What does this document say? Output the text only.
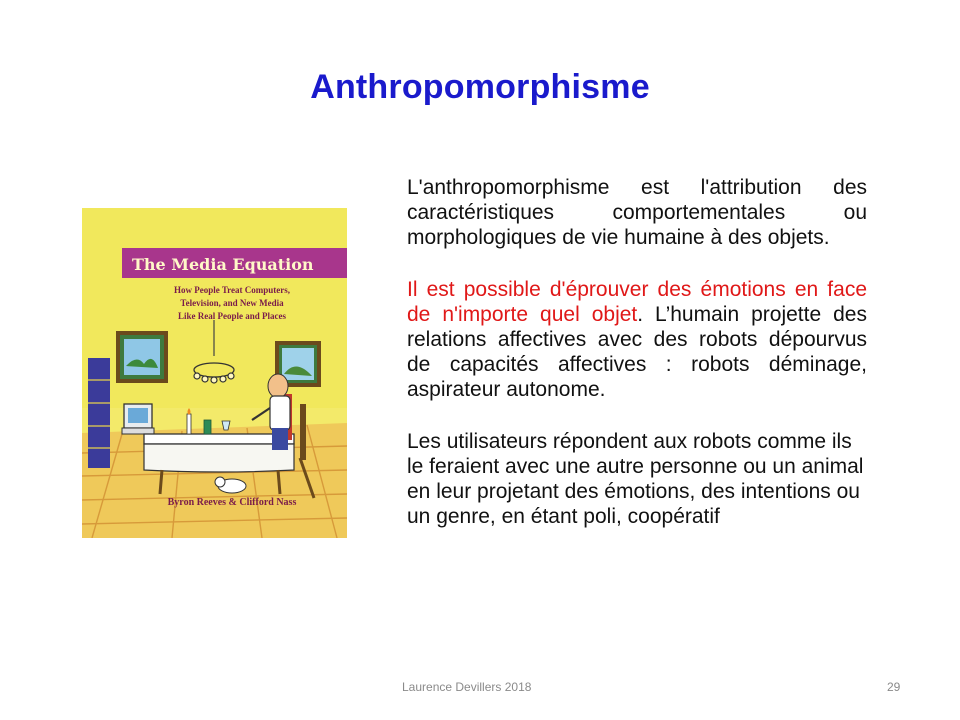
Anthropomorphisme
The Media Equation
How People Treat Computers,
Television, and New Media
Like Real People and Places
Byron Reeves & Clifford Nass

L'anthropomorphisme est l'attribution des caractéristiques comportementales ou morphologiques de vie humaine à des objets.

Il est possible d'éprouver des émotions en face de n'importe quel objet. L’humain projette des relations affectives avec des robots dépourvus de capacités affectives : robots déminage, aspirateur autonome.

Les utilisateurs répondent aux robots comme ils le feraient avec une autre personne ou un animal en leur projetant des émotions, des intentions ou un genre, en étant poli, coopératif

Laurence Devillers 2018	29
